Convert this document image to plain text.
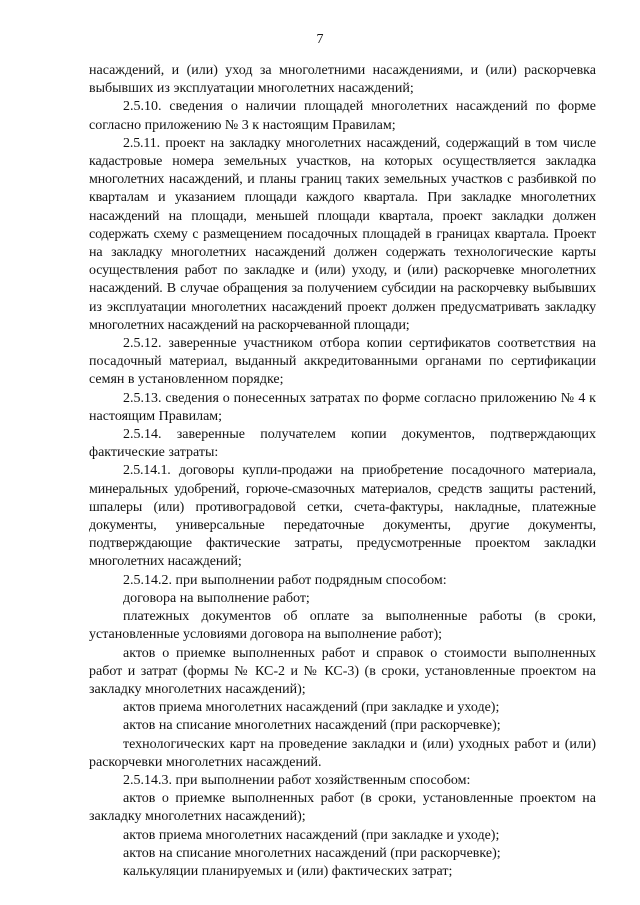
7

насаждений, и (или) уход за многолетними насаждениями, и (или) раскорчевка выбывших из эксплуатации многолетних насаждений;

2.5.10. сведения о наличии площадей многолетних насаждений по форме согласно приложению № 3 к настоящим Правилам;

2.5.11. проект на закладку многолетних насаждений, содержащий в том числе кадастровые номера земельных участков, на которых осуществляется закладка многолетних насаждений, и планы границ таких земельных участков с разбивкой по кварталам и указанием площади каждого квартала. При закладке многолетних насаждений на площади, меньшей площади квартала, проект закладки должен содержать схему с размещением посадочных площадей в границах квартала. Проект на закладку многолетних насаждений должен содержать технологические карты осуществления работ по закладке и (или) уходу, и (или) раскорчевке многолетних насаждений. В случае обращения за получением субсидии на раскорчевку выбывших из эксплуатации многолетних насаждений проект должен предусматривать закладку многолетних насаждений на раскорчеванной площади;

2.5.12. заверенные участником отбора копии сертификатов соответствия на посадочный материал, выданный аккредитованными органами по сертификации семян в установленном порядке;

2.5.13. сведения о понесенных затратах по форме согласно приложению № 4 к настоящим Правилам;

2.5.14. заверенные получателем копии документов, подтверждающих фактические затраты:

2.5.14.1. договоры купли-продажи на приобретение посадочного материала, минеральных удобрений, горюче-смазочных материалов, средств защиты растений, шпалеры (или) противоградовой сетки, счета-фактуры, накладные, платежные документы, универсальные передаточные документы, другие документы, подтверждающие фактические затраты, предусмотренные проектом закладки многолетних насаждений;

2.5.14.2. при выполнении работ подрядным способом:

договора на выполнение работ;

платежных документов об оплате за выполненные работы (в сроки, установленные условиями договора на выполнение работ);

актов о приемке выполненных работ и справок о стоимости выполненных работ и затрат (формы № КС-2 и № КС-3) (в сроки, установленные проектом на закладку многолетних насаждений);

актов приема многолетних насаждений (при закладке и уходе);

актов на списание многолетних насаждений (при раскорчевке);

технологических карт на проведение закладки и (или) уходных работ и (или) раскорчевки многолетних насаждений.

2.5.14.3. при выполнении работ хозяйственным способом:

актов о приемке выполненных работ (в сроки, установленные проектом на закладку многолетних насаждений);

актов приема многолетних насаждений (при закладке и уходе);

актов на списание многолетних насаждений (при раскорчевке);

калькуляции планируемых и (или) фактических затрат;
